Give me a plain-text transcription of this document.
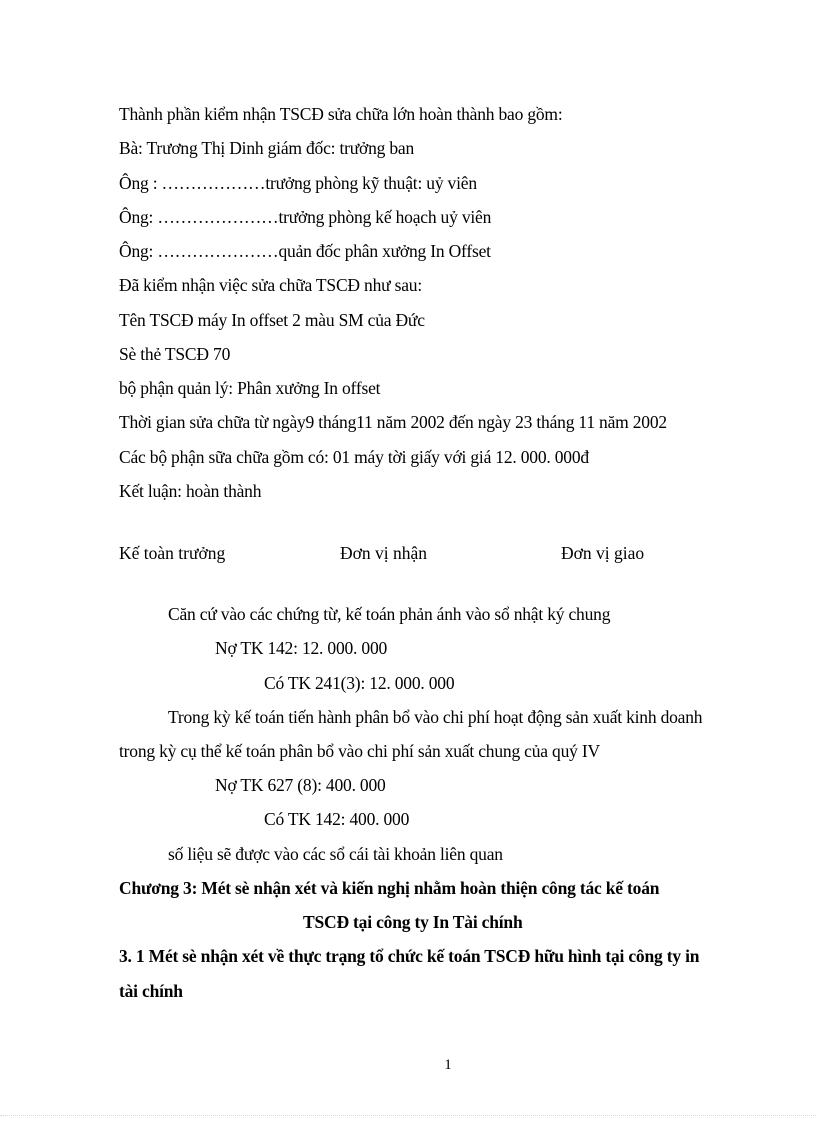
Thành phần kiểm nhận TSCĐ sửa chữa lớn hoàn thành bao gồm:
Bà: Trương Thị Dinh giám đốc: trưởng ban
Ông : ………………trưởng phòng kỹ thuật: uỷ viên
Ông: …………………trưởng phòng kế hoạch uỷ viên
Ông: …………………quản đốc phân xưởng In Offset
Đã kiểm nhận việc sửa chữa TSCĐ như sau:
Tên TSCĐ máy In offset 2 màu SM của Đức
Sè thẻ TSCĐ 70
bộ phận quản lý: Phân xưởng In offset
Thời gian sửa chữa từ ngày9 tháng11 năm 2002 đến ngày 23 tháng 11 năm 2002
Các bộ phận sữa chữa gồm có: 01 máy tời giấy với giá 12. 000. 000đ
Kết luận: hoàn thành
Kế toàn trưởng	Đơn vị nhận	Đơn vị giao
Căn cứ vào các chứng từ, kế toán phản ánh vào sổ nhật ký chung
Nợ TK 142: 12. 000. 000
Có TK 241(3): 12. 000. 000
Trong kỳ kế toán tiến hành phân bổ vào chi phí hoạt động sản xuất kinh doanh
trong kỳ cụ thể kế toán phân bổ vào chi phí sản xuất chung của quý IV
Nợ TK 627 (8): 400. 000
Có TK 142: 400. 000
số liệu sẽ được vào các sổ cái tài khoản liên quan
Chương 3: Mét sè nhận xét và kiến nghị nhằm hoàn thiện công tác kế toán
TSCĐ tại công ty In Tài chính
3. 1 Mét sè nhận xét về thực trạng tổ chức kế toán TSCĐ hữu hình tại công ty in
tài chính
1
